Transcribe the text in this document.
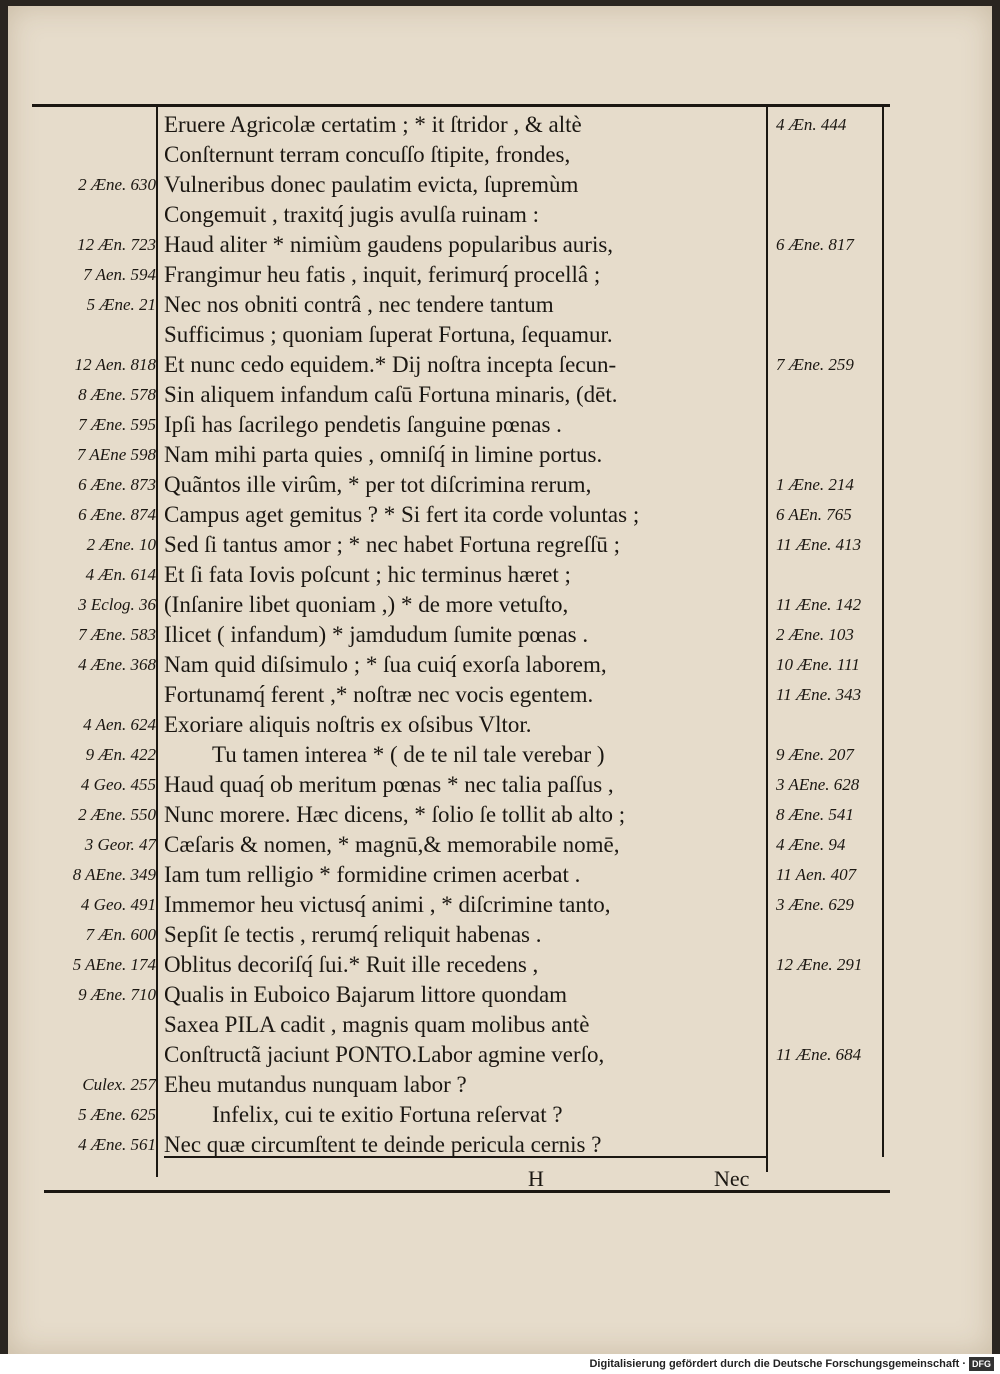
2 Æne. 630
12 Æn. 723
7 Aen. 594
5 Æne. 21
12 Aen. 818
8 Æne. 578
7 Æne. 595
7 AEne 598
6 Æne. 873
6 Æne. 874
2 Æne. 10
4 Æn. 614
3 Eclog. 36
7 Æne. 583
4 Æne. 368
4 Aen. 624
9 Æn. 422
4 Geo. 455
2 Æne. 550
3 Geor. 47
8 AEne. 349
4 Geo. 491
7 Æn. 600
5 AEne. 174
9 Æne. 710
Culex. 257
5 Æne. 625
4 Æne. 561
Eruere Agricolæ certatim ; * it ſtridor , & altè
Conſternunt terram concuſſo ſtipite, frondes,
Vulneribus donec paulatim evicta, ſupremùm
Congemuit , traxitq́ jugis avulſa ruinam :
Haud aliter * nimiùm gaudens popularibus auris,
Frangimur heu fatis , inquit, ferimurq́ procellâ ;
Nec nos obniti contrâ , nec tendere tantum
Sufficimus ; quoniam ſuperat Fortuna, ſequamur.
Et nunc cedo equidem.* Dij noſtra incepta ſecun-
Sin aliquem infandum caſū Fortuna minaris, (dēt.
Ipſi has ſacrilego pendetis ſanguine pœnas .
Nam mihi parta quies , omniſq́ in limine portus.
Quãntos ille virûm, * per tot diſcrimina rerum,
Campus aget gemitus ? * Si fert ita corde voluntas ;
Sed ſi tantus amor ; * nec habet Fortuna regreſſū ;
Et ſi fata Iovis poſcunt ; hic terminus hæret ;
(Inſanire libet quoniam ,) * de more vetuſto,
Ilicet ( infandum) * jamdudum ſumite pœnas .
Nam quid diſsimulo ; * ſua cuiq́ exorſa laborem,
Fortunamq́ ferent ,* noſtræ nec vocis egentem.
Exoriare aliquis noſtris ex oſsibus Vltor.
Tu tamen interea * ( de te nil tale verebar )
Haud quaq́ ob meritum pœnas * nec talia paſſus ,
Nunc morere. Hæc dicens, * ſolio ſe tollit ab alto ;
Cæſaris & nomen, * magnū,& memorabile nomē,
Iam tum relligio * formidine crimen acerbat .
Immemor heu victusq́ animi , * diſcrimine tanto,
Sepſit ſe tectis , rerumq́ reliquit habenas .
Oblitus decoriſq́ ſui.* Ruit ille recedens ,
Qualis in Euboico Bajarum littore quondam
Saxea PILA cadit , magnis quam molibus antè
Conſtructã jaciunt PONTO.Labor agmine verſo,
Eheu mutandus nunquam labor ?
Infelix, cui te exitio Fortuna reſervat ?
Nec quæ circumſtent te deinde pericula cernis ?
4 Æn. 444
6 Æne. 817
7 Æne. 259
1 Æne. 214
6 AEn. 765
11 Æne. 413
11 Æne. 142
2 Æne. 103
10 Æne. 111
11 Æne. 343
9 Æne. 207
3 AEne. 628
8 Æne. 541
4 Æne. 94
11 Aen. 407
3 Æne. 629
12 Æne. 291
11 Æne. 684
H	Nec
Digitalisierung gefördert durch die Deutsche Forschungsgemeinschaft · DFG
